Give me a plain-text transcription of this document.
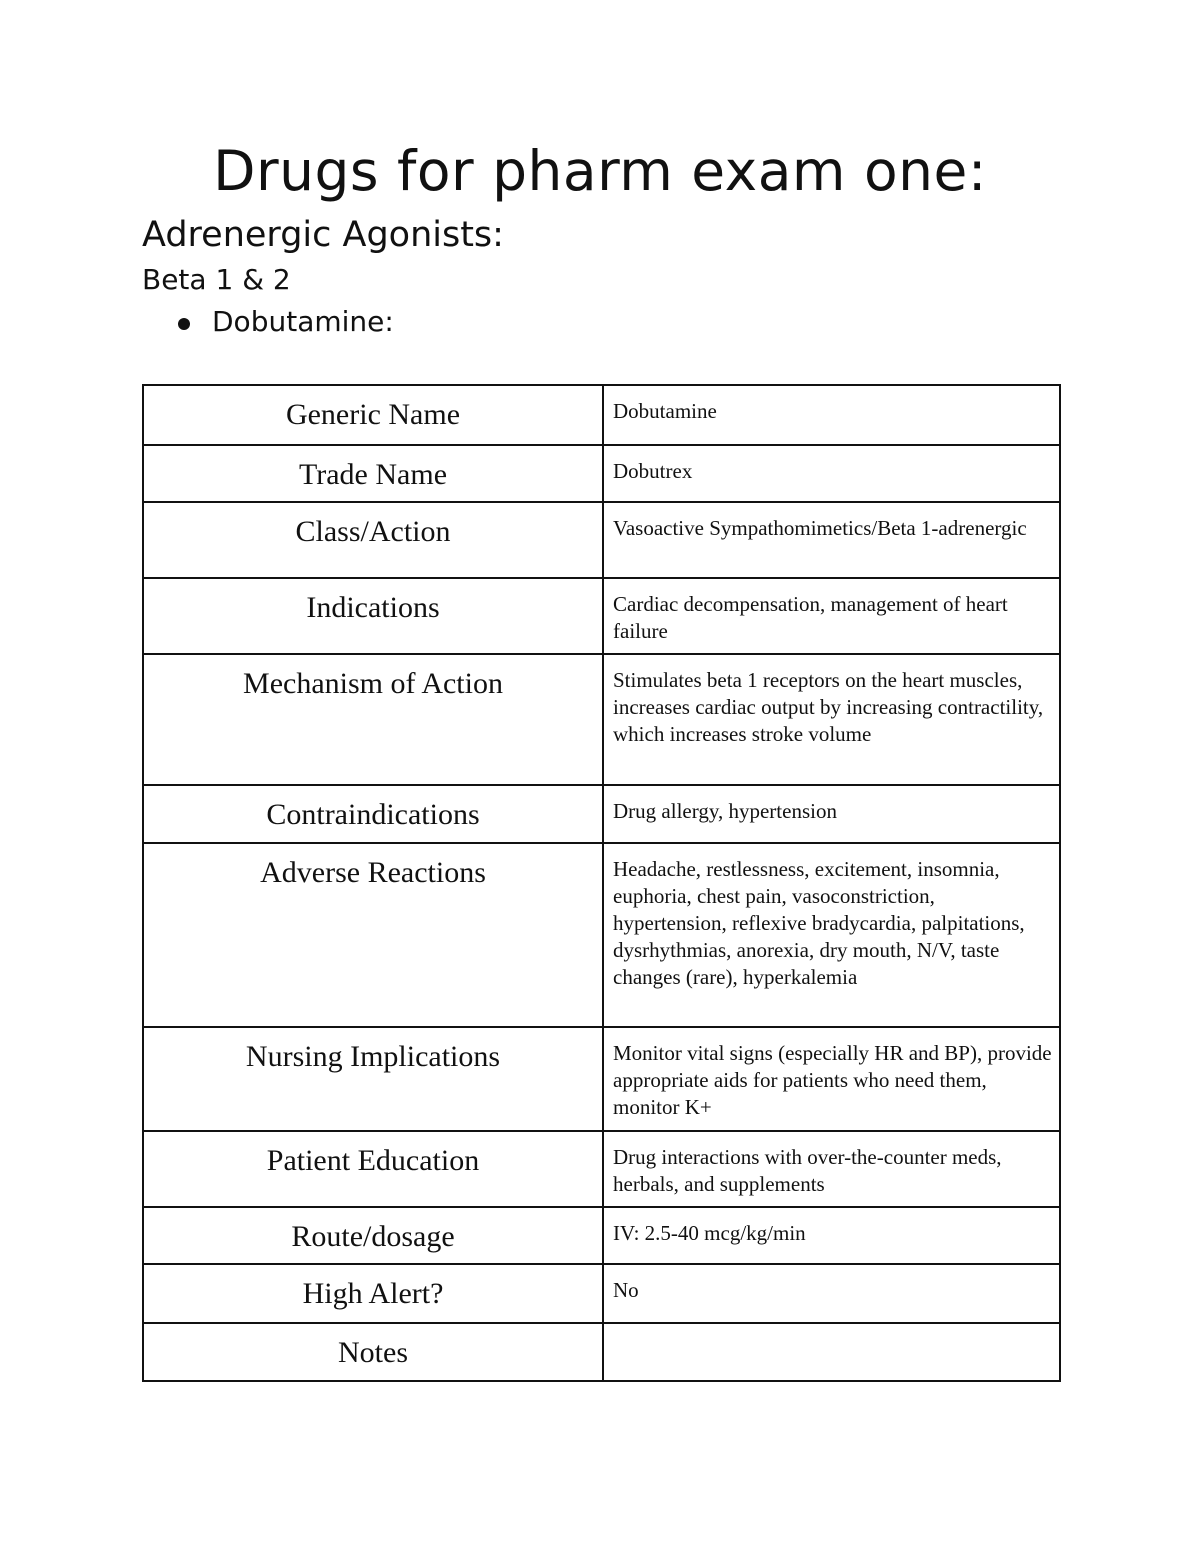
Drugs for pharm exam one:
Adrenergic Agonists:
Beta 1 & 2
Dobutamine:
Generic Name	Dobutamine
Trade Name	Dobutrex
Class/Action	Vasoactive Sympathomimetics/Beta 1-adrenergic
Indications	Cardiac decompensation, management of heart failure
Mechanism of Action	Stimulates beta 1 receptors on the heart muscles, increases cardiac output by increasing contractility, which increases stroke volume
Contraindications	Drug allergy, hypertension
Adverse Reactions	Headache, restlessness, excitement, insomnia, euphoria, chest pain, vasoconstriction, hypertension, reflexive bradycardia, palpitations, dysrhythmias, anorexia, dry mouth, N/V, taste changes (rare), hyperkalemia
Nursing Implications	Monitor vital signs (especially HR and BP), provide appropriate aids for patients who need them, monitor K+
Patient Education	Drug interactions with over-the-counter meds, herbals, and supplements
Route/dosage	IV: 2.5-40 mcg/kg/min
High Alert?	No
Notes	
